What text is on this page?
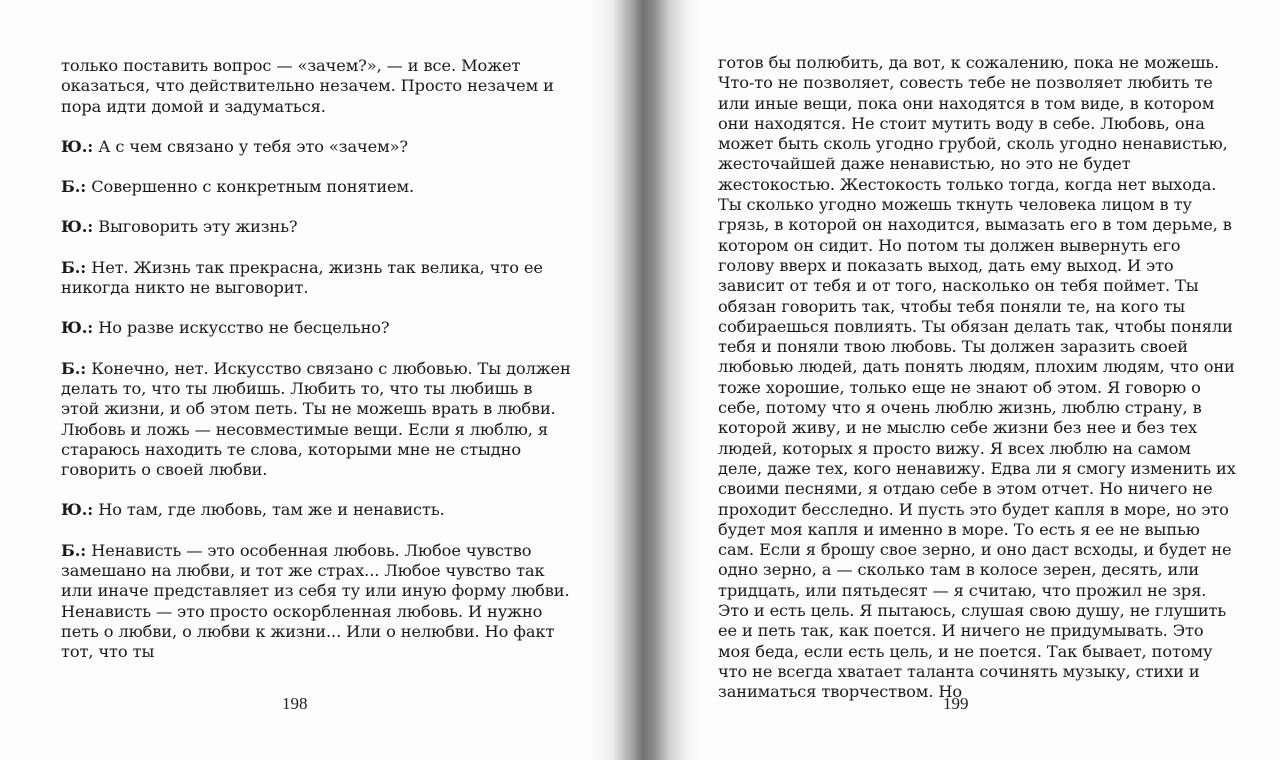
только поставить вопрос — «зачем?», — и все. Может оказаться, что действительно незачем. Просто незачем и пора идти домой и задуматься.

Ю.: А с чем связано у тебя это «зачем»?

Б.: Совершенно с конкретным понятием.

Ю.: Выговорить эту жизнь?

Б.: Нет. Жизнь так прекрасна, жизнь так велика, что ее никогда никто не выговорит.

Ю.: Но разве искусство не бесцельно?

Б.: Конечно, нет. Искусство связано с любовью. Ты должен делать то, что ты любишь. Любить то, что ты любишь в этой жизни, и об этом петь. Ты не можешь врать в любви. Любовь и ложь — несовместимые вещи. Если я люблю, я стараюсь находить те слова, которыми мне не стыдно говорить о своей любви.

Ю.: Но там, где любовь, там же и ненависть.

Б.: Ненависть — это особенная любовь. Любое чувство замешано на любви, и тот же страх... Любое чувство так или иначе представляет из себя ту или иную форму любви. Ненависть — это просто оскорбленная любовь. И нужно петь о любви, о любви к жизни... Или о нелюбви. Но факт тот, что ты

198

готов бы полюбить, да вот, к сожалению, пока не можешь. Что-то не позволяет, совесть тебе не позволяет любить те или иные вещи, пока они находятся в том виде, в котором они находятся. Не стоит мутить воду в себе. Любовь, она может быть сколь угодно грубой, сколь угодно ненавистью, жесточайшей даже ненавистью, но это не будет жестокостью. Жестокость только тогда, когда нет выхода. Ты сколько угодно можешь ткнуть человека лицом в ту грязь, в которой он находится, вымазать его в том дерьме, в котором он сидит. Но потом ты должен вывернуть его голову вверх и показать выход, дать ему выход. И это зависит от тебя и от того, насколько он тебя поймет. Ты обязан говорить так, чтобы тебя поняли те, на кого ты собираешься повлиять. Ты обязан делать так, чтобы поняли тебя и поняли твою любовь. Ты должен заразить своей любовью людей, дать понять людям, плохим людям, что они тоже хорошие, только еще не знают об этом. Я говорю о себе, потому что я очень люблю жизнь, люблю страну, в которой живу, и не мыслю себе жизни без нее и без тех людей, которых я просто вижу. Я всех люблю на самом деле, даже тех, кого ненавижу. Едва ли я смогу изменить их своими песнями, я отдаю себе в этом отчет. Но ничего не проходит бесследно. И пусть это будет капля в море, но это будет моя капля и именно в море. То есть я ее не выпью сам. Если я брошу свое зерно, и оно даст всходы, и будет не одно зерно, а — сколько там в колосе зерен, десять, или тридцать, или пятьдесят — я считаю, что прожил не зря. Это и есть цель. Я пытаюсь, слушая свою душу, не глушить ее и петь так, как поется. И ничего не придумывать. Это моя беда, если есть цель, и не поется. Так бывает, потому что не всегда хватает таланта сочинять музыку, стихи и заниматься творчеством. Но

199
